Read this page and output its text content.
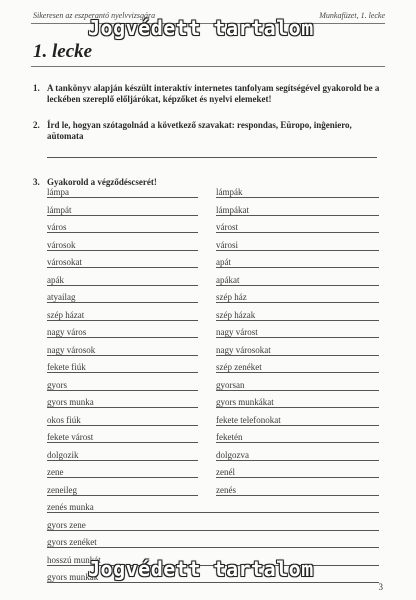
Sikeresen az eszperantó nyelvvizsgára	Munkafüzet, 1. lecke
Jogvédett tartalom
1. lecke
1. A tankönyv alapján készült interaktív internetes tanfolyam segítségével gyakorold be a leckében szereplő előljárókat, képzőket és nyelvi elemeket!
2. Írd le, hogyan szótagolnád a következő szavakat: respondas, Eŭropo, inĝeniero, aŭtomata
3. Gyakorold a végződéscserét!
lámpa	lámpák
lámpát	lámpákat
város	várost
városok	városi
városokat	apát
apák	apákat
atyailag	szép ház
szép házat	szép házak
nagy város	nagy várost
nagy városok	nagy városokat
fekete fiúk	szép zenéket
gyors	gyorsan
gyors munka	gyors munkákat
okos fiúk	fekete telefonokat
fekete várost	feketén
dolgozik	dolgozva
zene	zenél
zeneileg	zenés
zenés munka
gyors zene
gyors zenéket
hosszú munkát
gyors munkák
Jogvédett tartalom
3
